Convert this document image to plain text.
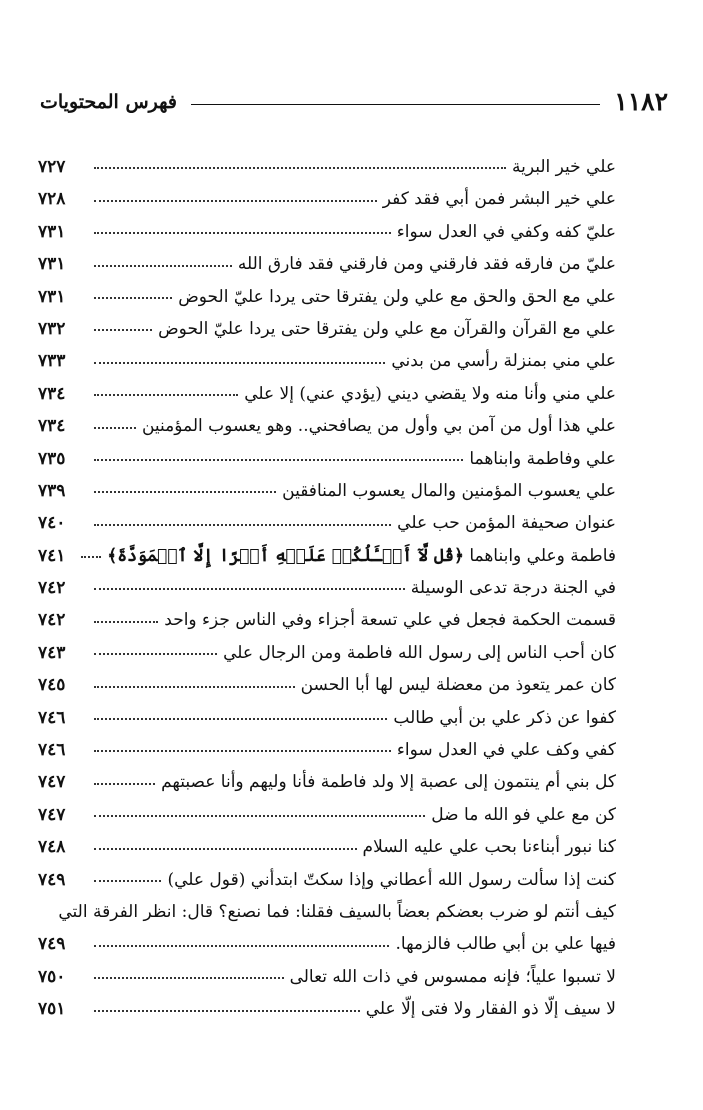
١١٨٢
فهرس المحتويات
علي خير البرية
٧٢٧
علي خير البشر فمن أبي فقد كفر
٧٢٨
عليّ كفه وكفي في العدل سواء
٧٣١
عليّ من فارقه فقد فارقني ومن فارقني فقد فارق الله
٧٣١
علي مع الحق والحق مع علي ولن يفترقا حتى يردا عليّ الحوض
٧٣١
علي مع القرآن والقرآن مع علي ولن يفترقا حتى يردا عليّ الحوض
٧٣٢
علي مني بمنزلة رأسي من بدني
٧٣٣
علي مني وأنا منه ولا يقضي ديني (يؤدي عني) إلا علي
٧٣٤
علي هذا أول من آمن بي وأول من يصافحني.. وهو يعسوب المؤمنين
٧٣٤
علي وفاطمة وابناهما
٧٣٥
علي يعسوب المؤمنين والمال يعسوب المنافقين
٧٣٩
عنوان صحيفة المؤمن حب علي
٧٤٠
فاطمة وعلي وابناهما ﴿قُل لَّآ أَسۡـَٔلُكُمۡ عَلَيۡهِ أَجۡرًا إِلَّا ٱلۡمَوَدَّةَ﴾
٧٤١
في الجنة درجة تدعى الوسيلة
٧٤٢
قسمت الحكمة فجعل في علي تسعة أجزاء وفي الناس جزء واحد
٧٤٢
كان أحب الناس إلى رسول الله فاطمة ومن الرجال علي
٧٤٣
كان عمر يتعوذ من معضلة ليس لها أبا الحسن
٧٤٥
كفوا عن ذكر علي بن أبي طالب
٧٤٦
كفي وكف علي في العدل سواء
٧٤٦
كل بني أم ينتمون إلى عصبة إلا ولد فاطمة فأنا وليهم وأنا عصبتهم
٧٤٧
كن مع علي فو الله ما ضل
٧٤٧
كنا نبور أبناءنا بحب علي عليه السلام
٧٤٨
كنت إذا سألت رسول الله أعطاني وإذا سكتّ ابتدأني (قول علي)
٧٤٩
كيف أنتم لو ضرب بعضكم بعضاً بالسيف فقلنا: فما نصنع؟ قال: انظر الفرقة التي
فيها علي بن أبي طالب فالزمها.
٧٤٩
لا تسبوا علياً؛ فإنه ممسوس في ذات الله تعالى
٧٥٠
لا سيف إلّا ذو الفقار ولا فتى إلّا علي
٧٥١
